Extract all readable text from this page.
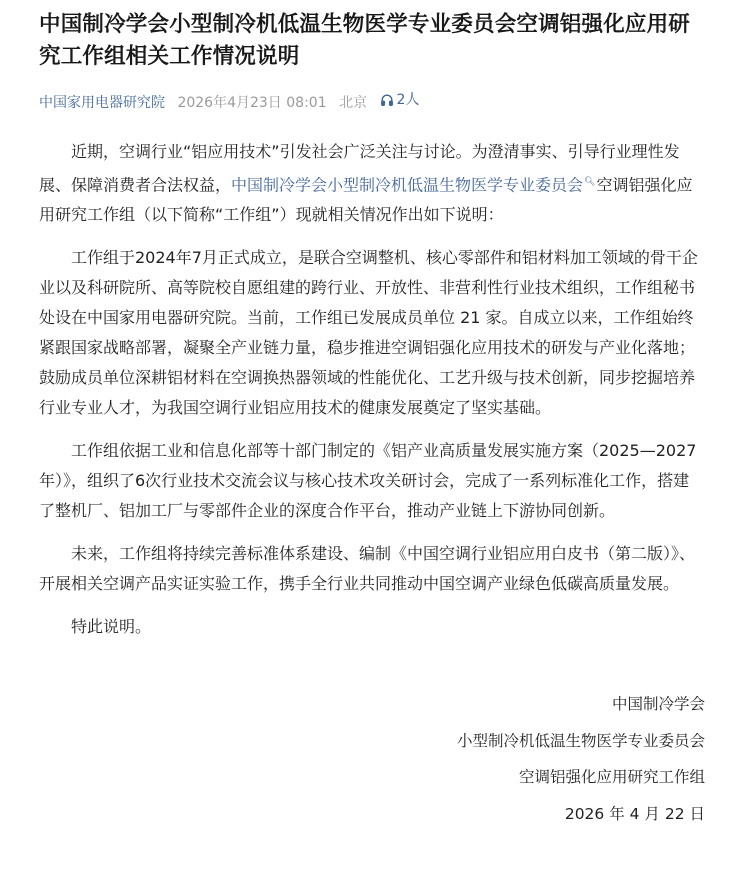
中国制冷学会小型制冷机低温生物医学专业委员会空调铝强化应用研究工作组相关工作情况说明
中国家用电器研究院 2026年4月23日 08:01 北京 2人

近期，空调行业“铝应用技术”引发社会广泛关注与讨论。为澄清事实、引导行业理性发展、保障消费者合法权益，中国制冷学会小型制冷机低温生物医学专业委员会🔍︎空调铝强化应用研究工作组（以下简称“工作组”）现就相关情况作出如下说明：

工作组于2024年7月正式成立，是联合空调整机、核心零部件和铝材料加工领域的骨干企业以及科研院所、高等院校自愿组建的跨行业、开放性、非营利性行业技术组织，工作组秘书处设在中国家用电器研究院。当前，工作组已发展成员单位 21 家。自成立以来，工作组始终紧跟国家战略部署，凝聚全产业链力量，稳步推进空调铝强化应用技术的研发与产业化落地；鼓励成员单位深耕铝材料在空调换热器领域的性能优化、工艺升级与技术创新，同步挖掘培养行业专业人才，为我国空调行业铝应用技术的健康发展奠定了坚实基础。

工作组依据工业和信息化部等十部门制定的《铝产业高质量发展实施方案（2025—2027 年）》，组织了6次行业技术交流会议与核心技术攻关研讨会，完成了一系列标准化工作，搭建了整机厂、铝加工厂与零部件企业的深度合作平台，推动产业链上下游协同创新。

未来，工作组将持续完善标准体系建设、编制《中国空调行业铝应用白皮书（第二版）》、开展相关空调产品实证实验工作，携手全行业共同推动中国空调产业绿色低碳高质量发展。

特此说明。

中国制冷学会
小型制冷机低温生物医学专业委员会
空调铝强化应用研究工作组
2026 年 4 月 22 日
